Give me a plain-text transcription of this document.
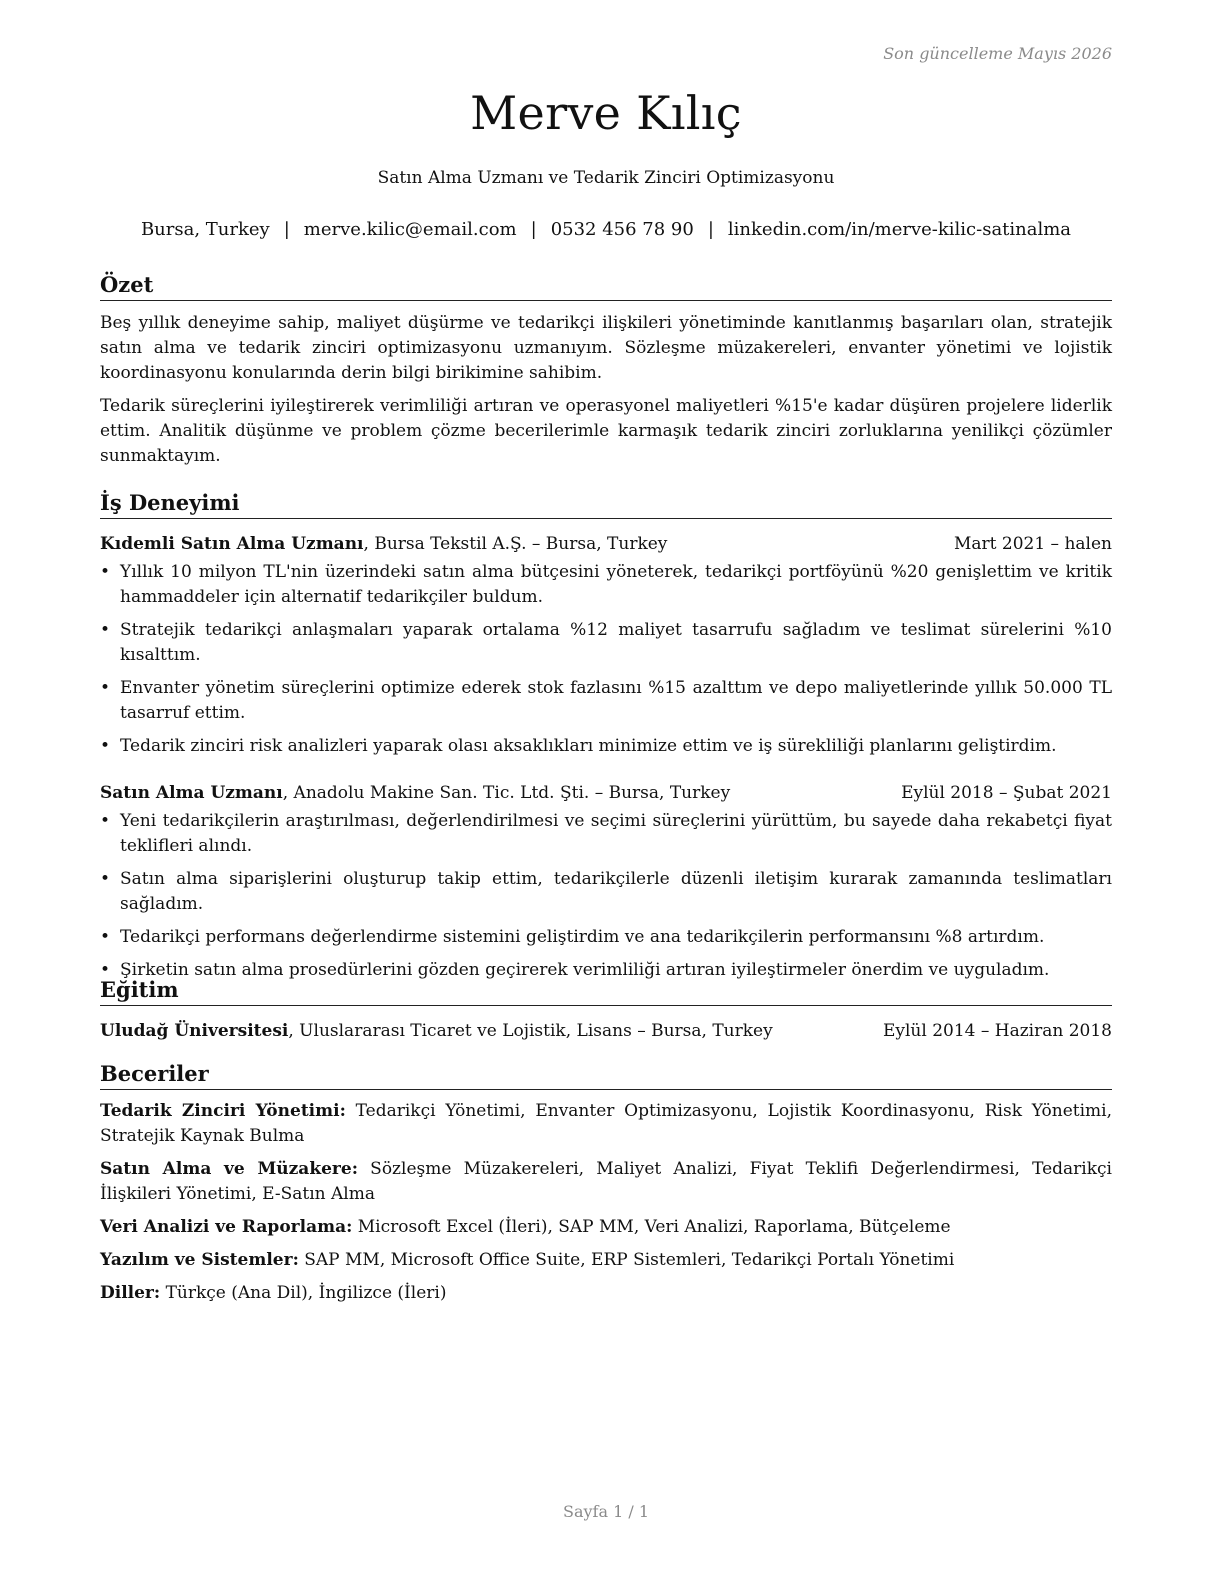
Son güncelleme Mayıs 2026
Merve Kılıç
Satın Alma Uzmanı ve Tedarik Zinciri Optimizasyonu
Bursa, Turkey | merve.kilic@email.com | 0532 456 78 90 | linkedin.com/in/merve-kilic-satinalma
Özet

Beş yıllık deneyime sahip, maliyet düşürme ve tedarikçi ilişkileri yönetiminde kanıtlanmış başarıları olan, stratejik satın alma ve tedarik zinciri optimizasyonu uzmanıyım. Sözleşme müzakereleri, envanter yönetimi ve lojistik koordinasyonu konularında derin bilgi birikimine sahibim.

Tedarik süreçlerini iyileştirerek verimliliği artıran ve operasyonel maliyetleri %15'e kadar düşüren projelere liderlik ettim. Analitik düşünme ve problem çözme becerilerimle karmaşık tedarik zinciri zorluklarına yenilikçi çözümler sunmaktayım.

İş Deneyimi
Kıdemli Satın Alma Uzmanı, Bursa Tekstil A.Ş. – Bursa, Turkey	Mart 2021 – halen
• Yıllık 10 milyon TL'nin üzerindeki satın alma bütçesini yöneterek, tedarikçi portföyünü %20 genişlettim ve kritik hammaddeler için alternatif tedarikçiler buldum.
• Stratejik tedarikçi anlaşmaları yaparak ortalama %12 maliyet tasarrufu sağladım ve teslimat sürelerini %10 kısalttım.
• Envanter yönetim süreçlerini optimize ederek stok fazlasını %15 azalttım ve depo maliyetlerinde yıllık 50.000 TL tasarruf ettim.
• Tedarik zinciri risk analizleri yaparak olası aksaklıkları minimize ettim ve iş sürekliliği planlarını geliştirdim.
Satın Alma Uzmanı, Anadolu Makine San. Tic. Ltd. Şti. – Bursa, Turkey	Eylül 2018 – Şubat 2021
• Yeni tedarikçilerin araştırılması, değerlendirilmesi ve seçimi süreçlerini yürüttüm, bu sayede daha rekabetçi fiyat teklifleri alındı.
• Satın alma siparişlerini oluşturup takip ettim, tedarikçilerle düzenli iletişim kurarak zamanında teslimatları sağladım.
• Tedarikçi performans değerlendirme sistemini geliştirdim ve ana tedarikçilerin performansını %8 artırdım.
• Şirketin satın alma prosedürlerini gözden geçirerek verimliliği artıran iyileştirmeler önerdim ve uyguladım.
Eğitim
Uludağ Üniversitesi, Uluslararası Ticaret ve Lojistik, Lisans – Bursa, Turkey	Eylül 2014 – Haziran 2018
Beceriler

Tedarik Zinciri Yönetimi: Tedarikçi Yönetimi, Envanter Optimizasyonu, Lojistik Koordinasyonu, Risk Yönetimi, Stratejik Kaynak Bulma

Satın Alma ve Müzakere: Sözleşme Müzakereleri, Maliyet Analizi, Fiyat Teklifi Değerlendirmesi, Tedarikçi İlişkileri Yönetimi, E-Satın Alma

Veri Analizi ve Raporlama: Microsoft Excel (İleri), SAP MM, Veri Analizi, Raporlama, Bütçeleme

Yazılım ve Sistemler: SAP MM, Microsoft Office Suite, ERP Sistemleri, Tedarikçi Portalı Yönetimi

Diller: Türkçe (Ana Dil), İngilizce (İleri)

Sayfa 1 / 1
